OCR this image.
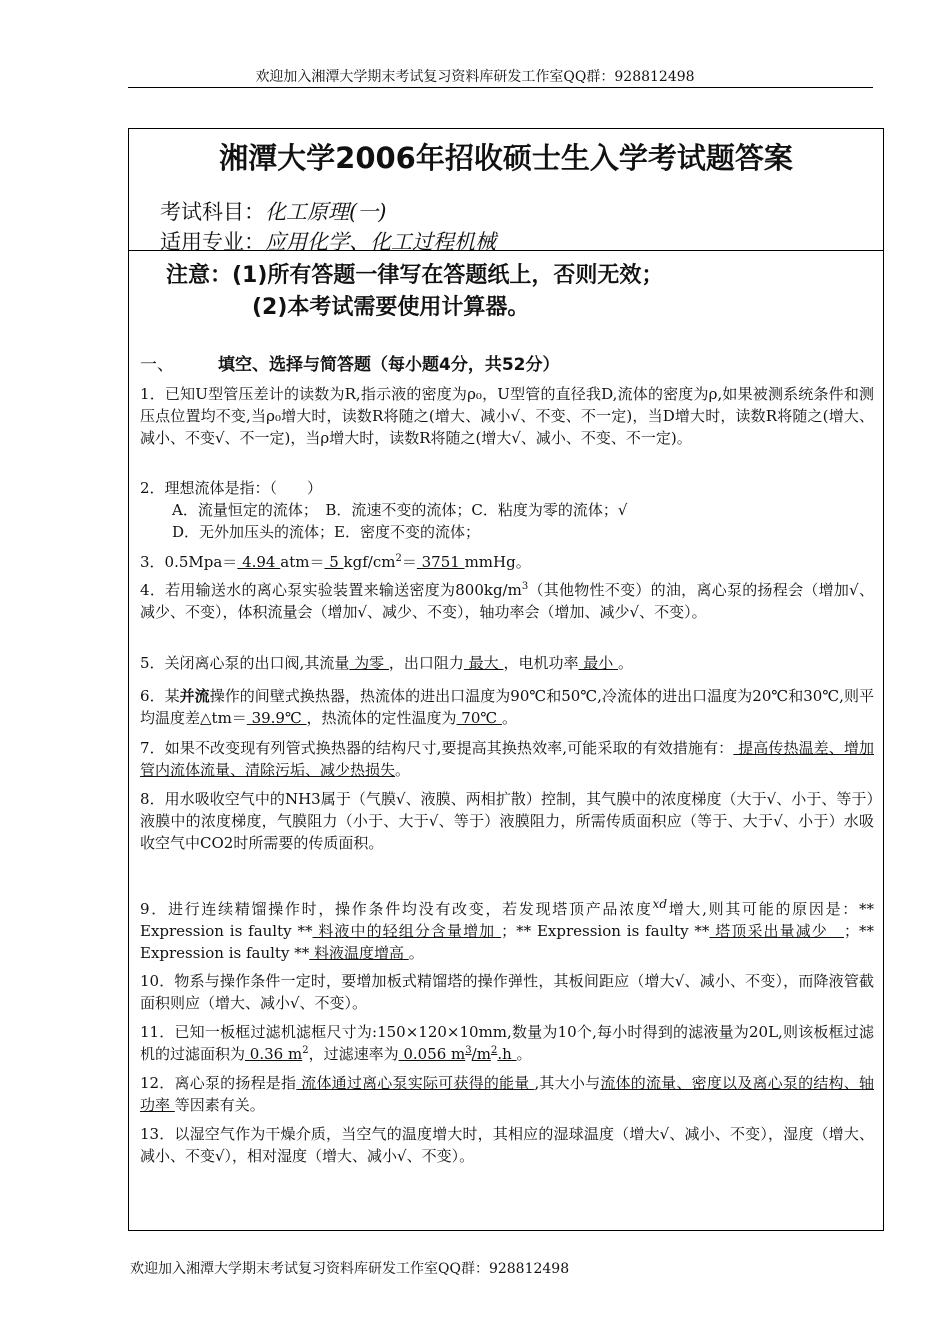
欢迎加入湘潭大学期末考试复习资料库研发工作室QQ群：928812498
湘潭大学2006年招收硕士生入学考试题答案
考试科目：化工原理(一)
适用专业：应用化学、化工过程机械
注意：(1)所有答题一律写在答题纸上，否则无效；
(2)本考试需要使用计算器。
一、	填空、选择与简答题（每小题4分，共52分）
1．已知U型管压差计的读数为R,指示液的密度为ρ₀，U型管的直径我D,流体的密度为ρ,如果被测系统条件和测压点位置均不变,当ρ₀增大时，读数R将随之(增大、减小√、不变、不一定)，当D增大时，读数R将随之(增大、减小、不变√、不一定)，当ρ增大时，读数R将随之(增大√、减小、不变、不一定)。
2．理想流体是指：（　　）
A．流量恒定的流体；　B．流速不变的流体；C．粘度为零的流体；√
D．无外加压头的流体；E．密度不变的流体；
3．0.5Mpa＝ 4.94 atm＝ 5 kgf/$cm^2= 3751$ mmHg。
4．若用输送水的离心泵实验装置来输送密度为$800kg/m^3$（其他物性不变）的油，离心泵的扬程会（增加√、减少、不变），体积流量会（增加√、减少、不变），轴功率会（增加、减少√、不变）。
5．关闭离心泵的出口阀,其流量 为零 ，出口阻力 最大 ，电机功率 最小 。
6．某并流操作的间壁式换热器，热流体的进出口温度为90℃和50℃,冷流体的进出口温度为20℃和30℃,则平均温度差△tm＝ 39.9℃ ，热流体的定性温度为 70℃ 。
7．如果不改变现有列管式换热器的结构尺寸,要提高其换热效率,可能采取的有效措施有： 提高传热温差、增加管内流体流量、清除污垢、减少热损失。
8．用水吸收空气中的NH3属于（气膜√、液膜、两相扩散）控制，其气膜中的浓度梯度（大于√、小于、等于）液膜中的浓度梯度，气膜阻力（小于、大于√、等于）液膜阻力，所需传质面积应（等于、大于√、小于）水吸收空气中CO2时所需要的传质面积。
9．进行连续精馏操作时，操作条件均没有改变，若发现塔顶产品浓度$^{xd}$增大,则其可能的原因是：** Expression is faulty ** 料液中的轻组分含量增加 ；** Expression is faulty ** 塔顶采出量减少　；** Expression is faulty ** 料液温度增高 。
10．物系与操作条件一定时，要增加板式精馏塔的操作弹性，其板间距应（增大√、减小、不变），而降液管截面积则应（增大、减小√、不变）。
11．已知一板框过滤机滤框尺寸为:150×120×10mm,数量为10个,每小时得到的滤液量为20L,则该板框过滤机的过滤面积为 0.36 $m^2$，过滤速率为 0.056 $m^3/m^2.h$ 。
12．离心泵的扬程是指 流体通过离心泵实际可获得的能量 ,其大小与流体的流量、密度以及离心泵的结构、轴功率 等因素有关。
13．以湿空气作为干燥介质，当空气的温度增大时，其相应的湿球温度（增大√、减小、不变），湿度（增大、减小、不变√），相对湿度（增大、减小√、不变）。
欢迎加入湘潭大学期末考试复习资料库研发工作室QQ群：928812498
